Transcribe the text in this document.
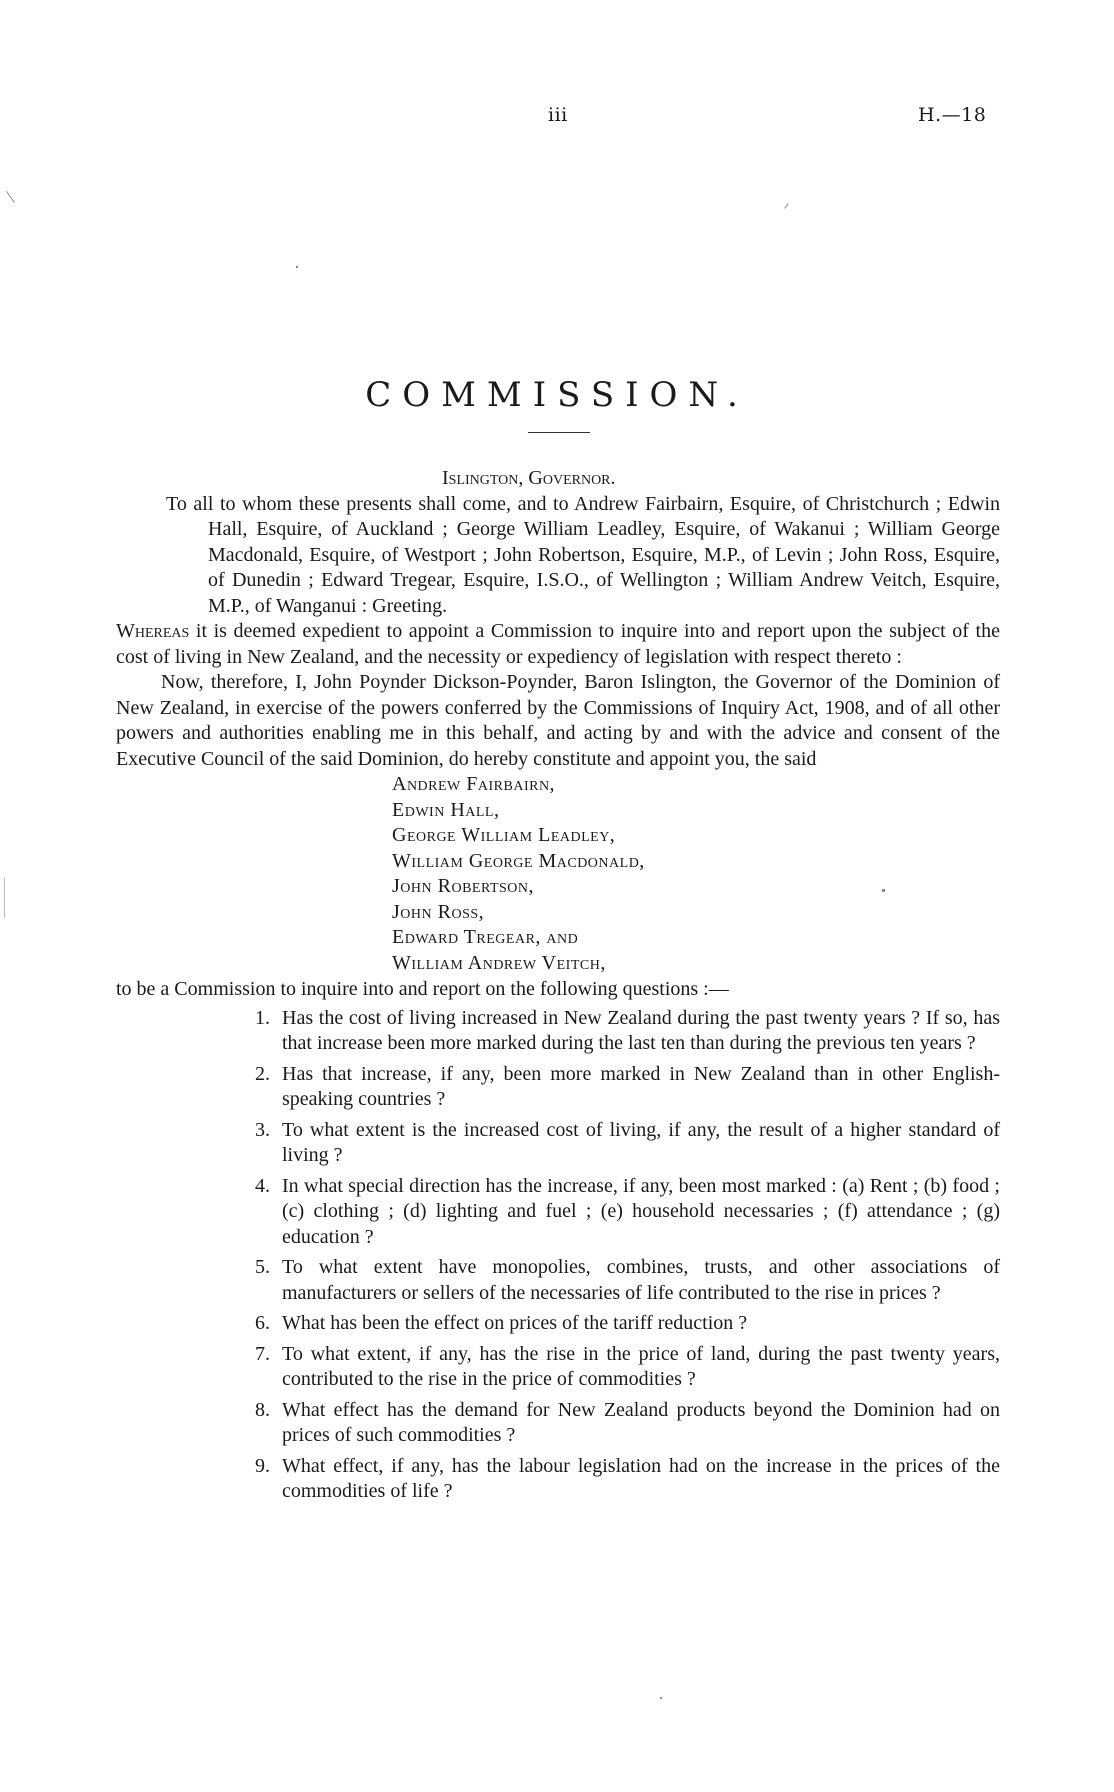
iii	H.—18
COMMISSION.

Islington, Governor.

To all to whom these presents shall come, and to Andrew Fairbairn, Esquire, of Christchurch ; Edwin Hall, Esquire, of Auckland ; George William Leadley, Esquire, of Wakanui ; William George Macdonald, Esquire, of Westport ; John Robertson, Esquire, M.P., of Levin ; John Ross, Esquire, of Dunedin ; Edward Tregear, Esquire, I.S.O., of Wellington ; William Andrew Veitch, Esquire, M.P., of Wanganui : Greeting.

Whereas it is deemed expedient to appoint a Commission to inquire into and report upon the subject of the cost of living in New Zealand, and the necessity or expediency of legislation with respect thereto :

Now, therefore, I, John Poynder Dickson-Poynder, Baron Islington, the Governor of the Dominion of New Zealand, in exercise of the powers conferred by the Commissions of Inquiry Act, 1908, and of all other powers and authorities enabling me in this behalf, and acting by and with the advice and consent of the Executive Council of the said Dominion, do hereby constitute and appoint you, the said

Andrew Fairbairn,
Edwin Hall,
George William Leadley,
William George Macdonald,
John Robertson,
John Ross,
Edward Tregear, and
William Andrew Veitch,

to be a Commission to inquire into and report on the following questions :—

1. Has the cost of living increased in New Zealand during the past twenty years ? If so, has that increase been more marked during the last ten than during the previous ten years ?
2. Has that increase, if any, been more marked in New Zealand than in other English-speaking countries ?
3. To what extent is the increased cost of living, if any, the result of a higher standard of living ?
4. In what special direction has the increase, if any, been most marked : (a) Rent ; (b) food ; (c) clothing ; (d) lighting and fuel ; (e) household necessaries ; (f) attendance ; (g) education ?
5. To what extent have monopolies, combines, trusts, and other associations of manufacturers or sellers of the necessaries of life contributed to the rise in prices ?
6. What has been the effect on prices of the tariff reduction ?
7. To what extent, if any, has the rise in the price of land, during the past twenty years, contributed to the rise in the price of commodities ?
8. What effect has the demand for New Zealand products beyond the Dominion had on prices of such commodities ?
9. What effect, if any, has the labour legislation had on the increase in the prices of the commodities of life ?
